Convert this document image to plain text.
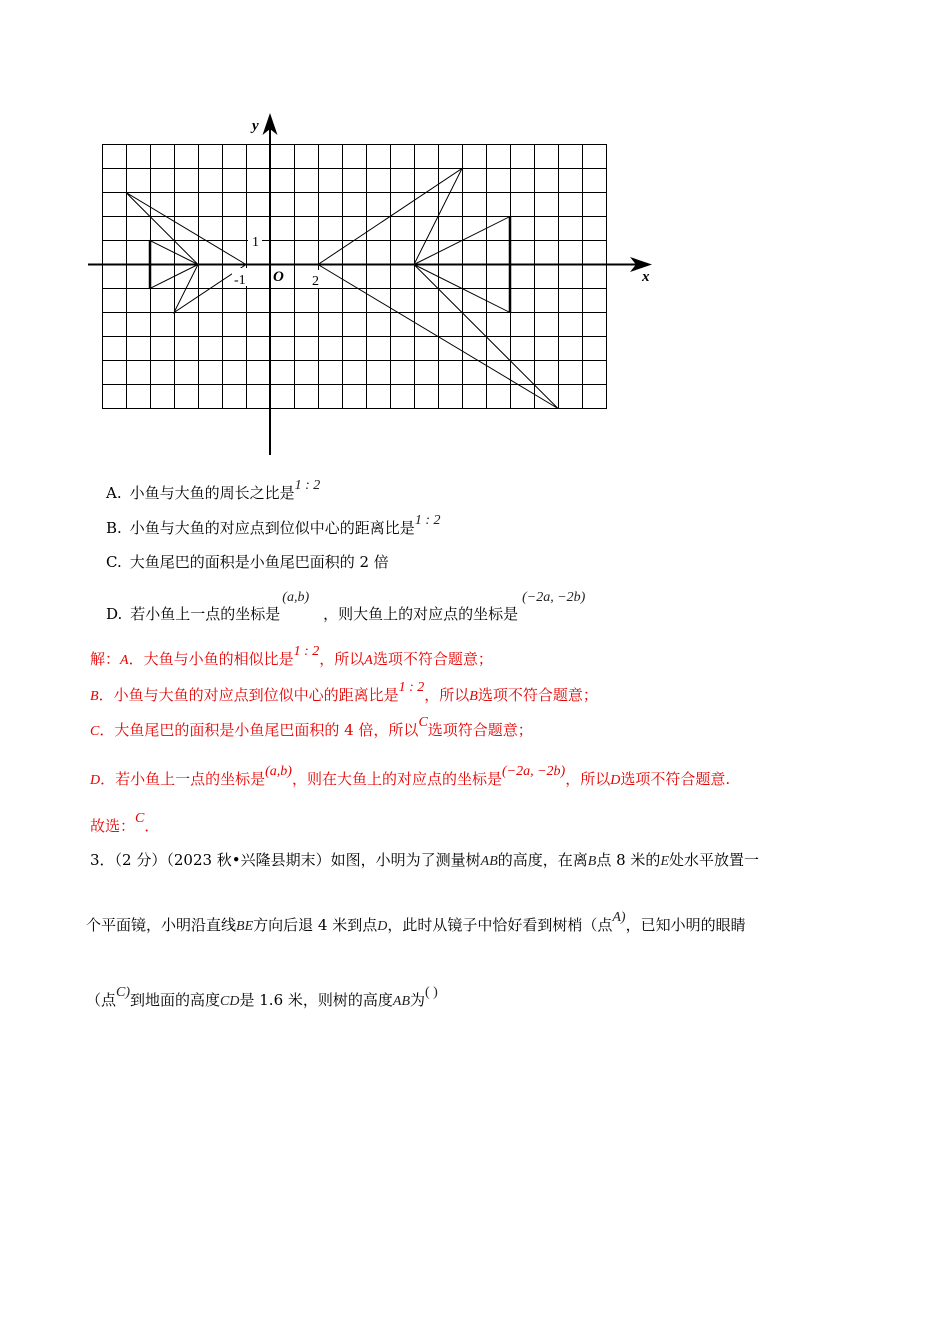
y
x
1
-1 O 2
A. 小鱼与大鱼的周长之比是1 : 2
B. 小鱼与大鱼的对应点到位似中心的距离比是1 : 2
C. 大鱼尾巴的面积是小鱼尾巴面积的 2 倍
D. 若小鱼上一点的坐标是(a,b)，则大鱼上的对应点的坐标是(−2a, −2b)
解：A．大鱼与小鱼的相似比是1 : 2，所以A选项不符合题意；
B．小鱼与大鱼的对应点到位似中心的距离比是1 : 2，所以B选项不符合题意；
C．大鱼尾巴的面积是小鱼尾巴面积的 4 倍，所以C选项符合题意；
D．若小鱼上一点的坐标是(a,b)，则在大鱼上的对应点的坐标是(−2a, −2b)，所以D选项不符合题意.
故选：C．
3．（2 分）（2023 秋•兴隆县期末）如图，小明为了测量树AB的高度，在离B点 8 米的E处水平放置一
个平面镜，小明沿直线BE方向后退 4 米到点D，此时从镜子中恰好看到树梢（点A)，已知小明的眼睛
（点C)到地面的高度CD是 1.6 米，则树的高度AB为( )
